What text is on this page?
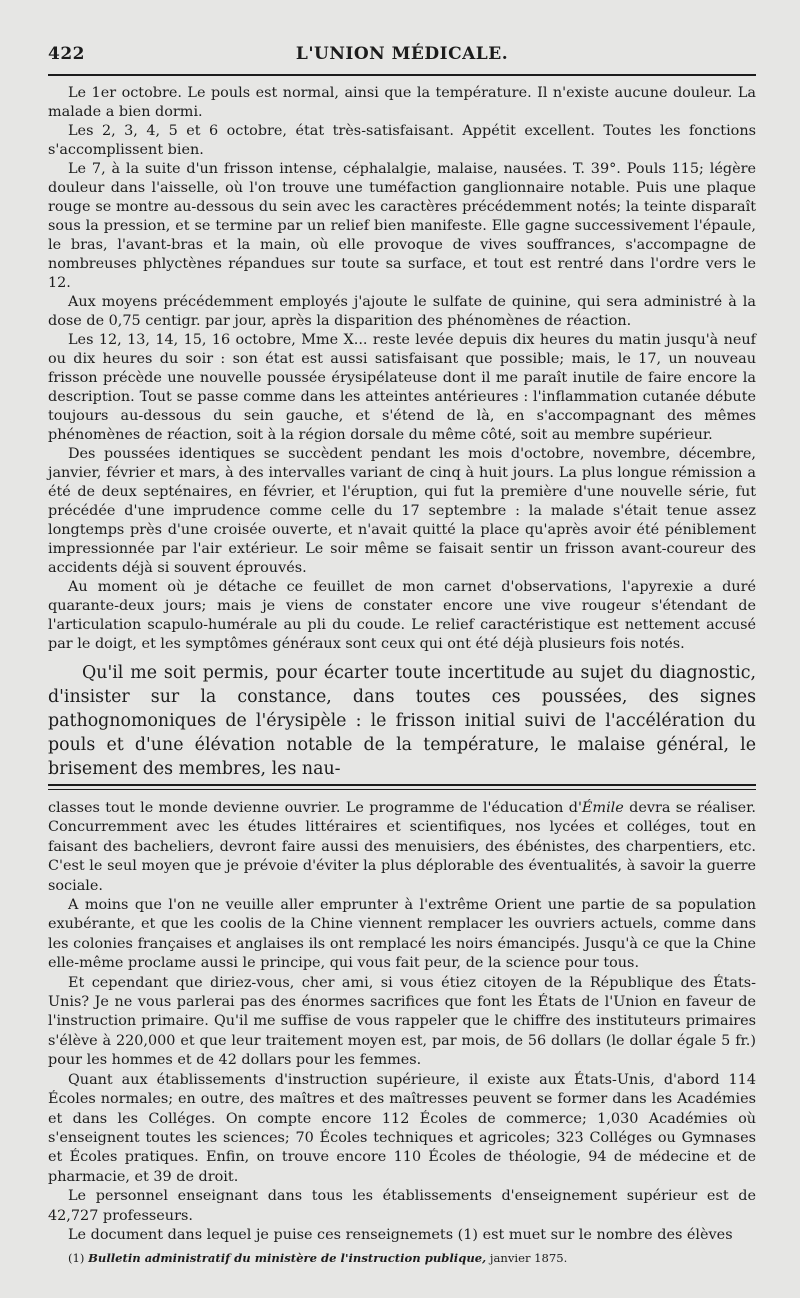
422	L'UNION MÉDICALE.

Le 1er octobre. Le pouls est normal, ainsi que la température. Il n'existe aucune douleur. La malade a bien dormi.

Les 2, 3, 4, 5 et 6 octobre, état très-satisfaisant. Appétit excellent. Toutes les fonctions s'accomplissent bien.

Le 7, à la suite d'un frisson intense, céphalalgie, malaise, nausées. T. 39°. Pouls 115; légère douleur dans l'aisselle, où l'on trouve une tuméfaction ganglionnaire notable. Puis une plaque rouge se montre au-dessous du sein avec les caractères précédemment notés; la teinte disparaît sous la pression, et se termine par un relief bien manifeste. Elle gagne successivement l'épaule, le bras, l'avant-bras et la main, où elle provoque de vives souffrances, s'accompagne de nombreuses phlyctènes répandues sur toute sa surface, et tout est rentré dans l'ordre vers le 12.

Aux moyens précédemment employés j'ajoute le sulfate de quinine, qui sera administré à la dose de 0,75 centigr. par jour, après la disparition des phénomènes de réaction.

Les 12, 13, 14, 15, 16 octobre, Mme X... reste levée depuis dix heures du matin jusqu'à neuf ou dix heures du soir : son état est aussi satisfaisant que possible; mais, le 17, un nouveau frisson précède une nouvelle poussée érysipélateuse dont il me paraît inutile de faire encore la description. Tout se passe comme dans les atteintes antérieures : l'inflammation cutanée débute toujours au-dessous du sein gauche, et s'étend de là, en s'accompagnant des mêmes phénomènes de réaction, soit à la région dorsale du même côté, soit au membre supérieur.

Des poussées identiques se succèdent pendant les mois d'octobre, novembre, décembre, janvier, février et mars, à des intervalles variant de cinq à huit jours. La plus longue rémission a été de deux septénaires, en février, et l'éruption, qui fut la première d'une nouvelle série, fut précédée d'une imprudence comme celle du 17 septembre : la malade s'était tenue assez longtemps près d'une croisée ouverte, et n'avait quitté la place qu'après avoir été péniblement impressionnée par l'air extérieur. Le soir même se faisait sentir un frisson avant-coureur des accidents déjà si souvent éprouvés.

Au moment où je détache ce feuillet de mon carnet d'observations, l'apyrexie a duré quarante-deux jours; mais je viens de constater encore une vive rougeur s'étendant de l'articulation scapulo-humérale au pli du coude. Le relief caractéristique est nettement accusé par le doigt, et les symptômes généraux sont ceux qui ont été déjà plusieurs fois notés.

Qu'il me soit permis, pour écarter toute incertitude au sujet du diagnostic, d'insister sur la constance, dans toutes ces poussées, des signes pathognomoniques de l'érysipèle : le frisson initial suivi de l'accélération du pouls et d'une élévation notable de la température, le malaise général, le brisement des membres, les nau-

classes tout le monde devienne ouvrier. Le programme de l'éducation d'Émile devra se réaliser. Concurremment avec les études littéraires et scientifiques, nos lycées et colléges, tout en faisant des bacheliers, devront faire aussi des menuisiers, des ébénistes, des charpentiers, etc. C'est le seul moyen que je prévoie d'éviter la plus déplorable des éventualités, à savoir la guerre sociale.

A moins que l'on ne veuille aller emprunter à l'extrême Orient une partie de sa population exubérante, et que les coolis de la Chine viennent remplacer les ouvriers actuels, comme dans les colonies françaises et anglaises ils ont remplacé les noirs émancipés. Jusqu'à ce que la Chine elle-même proclame aussi le principe, qui vous fait peur, de la science pour tous.

Et cependant que diriez-vous, cher ami, si vous étiez citoyen de la République des États-Unis? Je ne vous parlerai pas des énormes sacrifices que font les États de l'Union en faveur de l'instruction primaire. Qu'il me suffise de vous rappeler que le chiffre des instituteurs primaires s'élève à 220,000 et que leur traitement moyen est, par mois, de 56 dollars (le dollar égale 5 fr.) pour les hommes et de 42 dollars pour les femmes.

Quant aux établissements d'instruction supérieure, il existe aux États-Unis, d'abord 114 Écoles normales; en outre, des maîtres et des maîtresses peuvent se former dans les Académies et dans les Colléges. On compte encore 112 Écoles de commerce; 1,030 Académies où s'enseignent toutes les sciences; 70 Écoles techniques et agricoles; 323 Colléges ou Gymnases et Écoles pratiques. Enfin, on trouve encore 110 Écoles de théologie, 94 de médecine et de pharmacie, et 39 de droit.

Le personnel enseignant dans tous les établissements d'enseignement supérieur est de 42,727 professeurs.

Le document dans lequel je puise ces renseignemets (1) est muet sur le nombre des élèves

(1) Bulletin administratif du ministère de l'instruction publique, janvier 1875.
